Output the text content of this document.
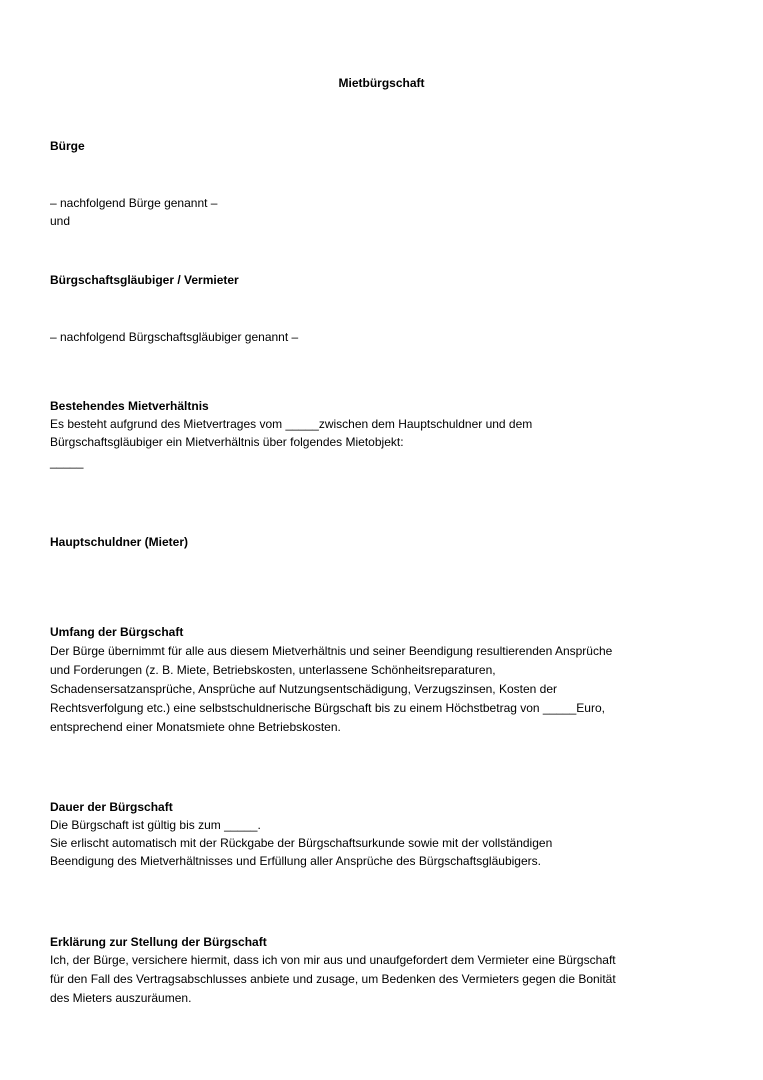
Mietbürgschaft
Bürge
– nachfolgend Bürge genannt –
und
Bürgschaftsgläubiger / Vermieter
– nachfolgend Bürgschaftsgläubiger genannt –
Bestehendes Mietverhältnis
Es besteht aufgrund des Mietvertrages vom _____zwischen dem Hauptschuldner und dem
Bürgschaftsgläubiger ein Mietverhältnis über folgendes Mietobjekt:
_____
Hauptschuldner (Mieter)
Umfang der Bürgschaft
Der Bürge übernimmt für alle aus diesem Mietverhältnis und seiner Beendigung resultierenden Ansprüche
und Forderungen (z. B. Miete, Betriebskosten, unterlassene Schönheitsreparaturen,
Schadensersatzansprüche, Ansprüche auf Nutzungsentschädigung, Verzugszinsen, Kosten der
Rechtsverfolgung etc.) eine selbstschuldnerische Bürgschaft bis zu einem Höchstbetrag von _____Euro,
entsprechend einer Monatsmiete ohne Betriebskosten.
Dauer der Bürgschaft
Die Bürgschaft ist gültig bis zum _____.
Sie erlischt automatisch mit der Rückgabe der Bürgschaftsurkunde sowie mit der vollständigen
Beendigung des Mietverhältnisses und Erfüllung aller Ansprüche des Bürgschaftsgläubigers.
Erklärung zur Stellung der Bürgschaft
Ich, der Bürge, versichere hiermit, dass ich von mir aus und unaufgefordert dem Vermieter eine Bürgschaft
für den Fall des Vertragsabschlusses anbiete und zusage, um Bedenken des Vermieters gegen die Bonität
des Mieters auszuräumen.
